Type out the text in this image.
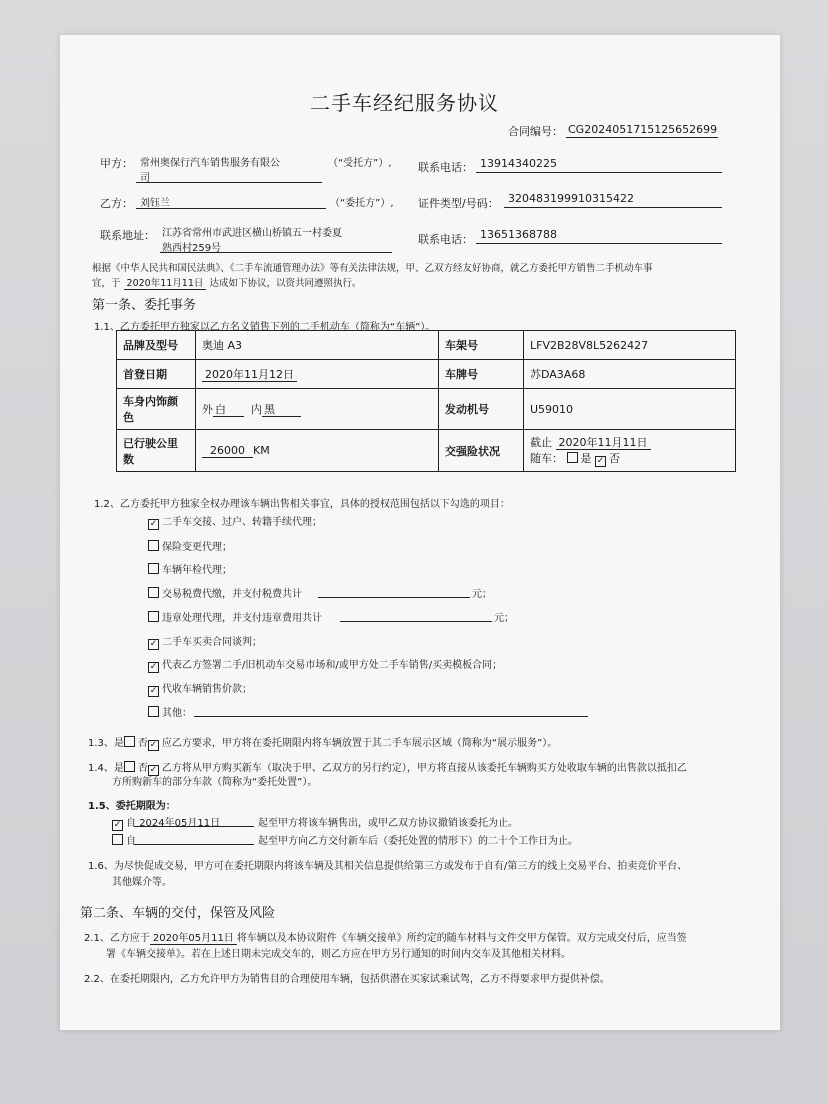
二手车经纪服务协议
合同编号： CG2024051715125652699
甲方： 常州奥保行汽车销售服务有限公
司
（“受托方”）, 联系电话： 13914340225
乙方： 刘钰兰	（“委托方”）, 证件类型/号码： 320483199910315422
联系地址： 江苏省常州市武进区横山桥镇五一村委夏
熟西村259号
联系电话： 13651368788
根据《中华人民共和国民法典》、《二手车流通管理办法》等有关法律法规，甲、乙双方经友好协商，就乙方委托甲方销售二手机动车事
宜，于 2020年11月11日 达成如下协议，以资共同遵照执行。
第一条、委托事务
1.1、乙方委托甲方独家以乙方名义销售下列的二手机动车（简称为“车辆”）。
品牌及型号	奥迪 A3	车架号	LFV2B28V8L5262427
首登日期	2020年11月12日	车牌号	苏DA3A68
车身内饰颜
色	外 白 内 黑	发动机号	U59010
已行驶公里
数	26000 KM	交强险状况	截止 2020年11月11日
随车： 是 ✓ 否
1.2、乙方委托甲方独家全权办理该车辆出售相关事宜，具体的授权范围包括以下勾选的项目：
✓ 二手车交接、过户、转籍手续代理；
保险变更代理；
车辆年检代理；
交易税费代缴，并支付税费共计	元；
违章处理代理，并支付违章费用共计	元；
✓ 二手车买卖合同谈判；
✓ 代表乙方签署二手/旧机动车交易市场和/或甲方处二手车销售/买卖模板合同；
✓ 代收车辆销售价款；
其他：
1.3、是 否 ✓ 应乙方要求，甲方将在委托期限内将车辆放置于其二手车展示区域（简称为“展示服务”）。
1.4、是 否 ✓ 乙方将从甲方购买新车（取决于甲、乙双方的另行约定），甲方将直接从该委托车辆购买方处收取车辆的出售款以抵扣乙
方所购新车的部分车款（简称为“委托处置”）。
1.5、委托期限为：
✓ 自 2024年05月11日	起至甲方将该车辆售出，或甲乙双方协议撤销该委托为止。
自	起至甲方向乙方交付新车后（委托处置的情形下）的二十个工作日为止。
1.6、为尽快促成交易，甲方可在委托期限内将该车辆及其相关信息提供给第三方或发布于自有/第三方的线上交易平台、拍卖竞价平台、
其他媒介等。
第二条、车辆的交付，保管及风险
2.1、乙方应于 2020年05月11日 将车辆以及本协议附件《车辆交接单》所约定的随车材料与文件交甲方保管。双方完成交付后，应当签
署《车辆交接单》。若在上述日期未完成交车的，则乙方应在甲方另行通知的时间内交车及其他相关材料。
2.2、在委托期限内，乙方允许甲方为销售目的合理使用车辆，包括供潜在买家试乘试驾，乙方不得要求甲方提供补偿。
